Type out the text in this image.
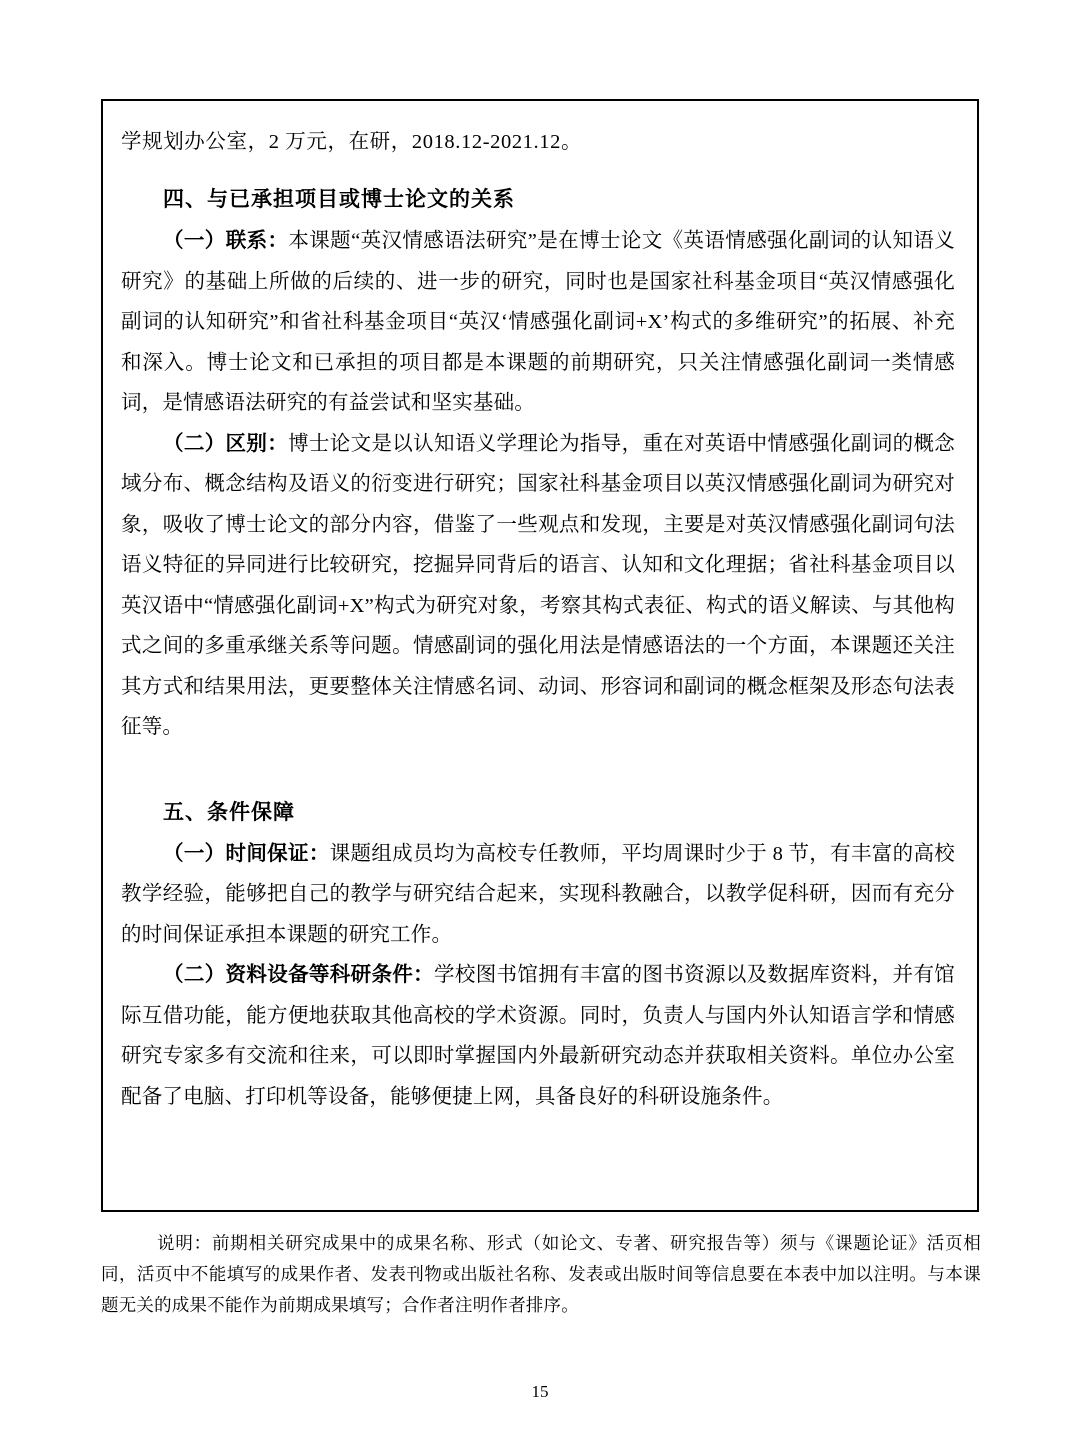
学规划办公室，2 万元，在研，2018.12-2021.12。

四、与已承担项目或博士论文的关系

（一）联系：本课题“英汉情感语法研究”是在博士论文《英语情感强化副词的认知语义研究》的基础上所做的后续的、进一步的研究，同时也是国家社科基金项目“英汉情感强化副词的认知研究”和省社科基金项目“英汉‘情感强化副词+X’构式的多维研究”的拓展、补充和深入。博士论文和已承担的项目都是本课题的前期研究，只关注情感强化副词一类情感词，是情感语法研究的有益尝试和坚实基础。

（二）区别：博士论文是以认知语义学理论为指导，重在对英语中情感强化副词的概念域分布、概念结构及语义的衍变进行研究；国家社科基金项目以英汉情感强化副词为研究对象，吸收了博士论文的部分内容，借鉴了一些观点和发现，主要是对英汉情感强化副词句法语义特征的异同进行比较研究，挖掘异同背后的语言、认知和文化理据；省社科基金项目以英汉语中“情感强化副词+X”构式为研究对象，考察其构式表征、构式的语义解读、与其他构式之间的多重承继关系等问题。情感副词的强化用法是情感语法的一个方面，本课题还关注其方式和结果用法，更要整体关注情感名词、动词、形容词和副词的概念框架及形态句法表征等。

五、条件保障

（一）时间保证：课题组成员均为高校专任教师，平均周课时少于 8 节，有丰富的高校教学经验，能够把自己的教学与研究结合起来，实现科教融合，以教学促科研，因而有充分的时间保证承担本课题的研究工作。

（二）资料设备等科研条件：学校图书馆拥有丰富的图书资源以及数据库资料，并有馆际互借功能，能方便地获取其他高校的学术资源。同时，负责人与国内外认知语言学和情感研究专家多有交流和往来，可以即时掌握国内外最新研究动态并获取相关资料。单位办公室配备了电脑、打印机等设备，能够便捷上网，具备良好的科研设施条件。

说明：前期相关研究成果中的成果名称、形式（如论文、专著、研究报告等）须与《课题论证》活页相同，活页中不能填写的成果作者、发表刊物或出版社名称、发表或出版时间等信息要在本表中加以注明。与本课题无关的成果不能作为前期成果填写；合作者注明作者排序。
15
